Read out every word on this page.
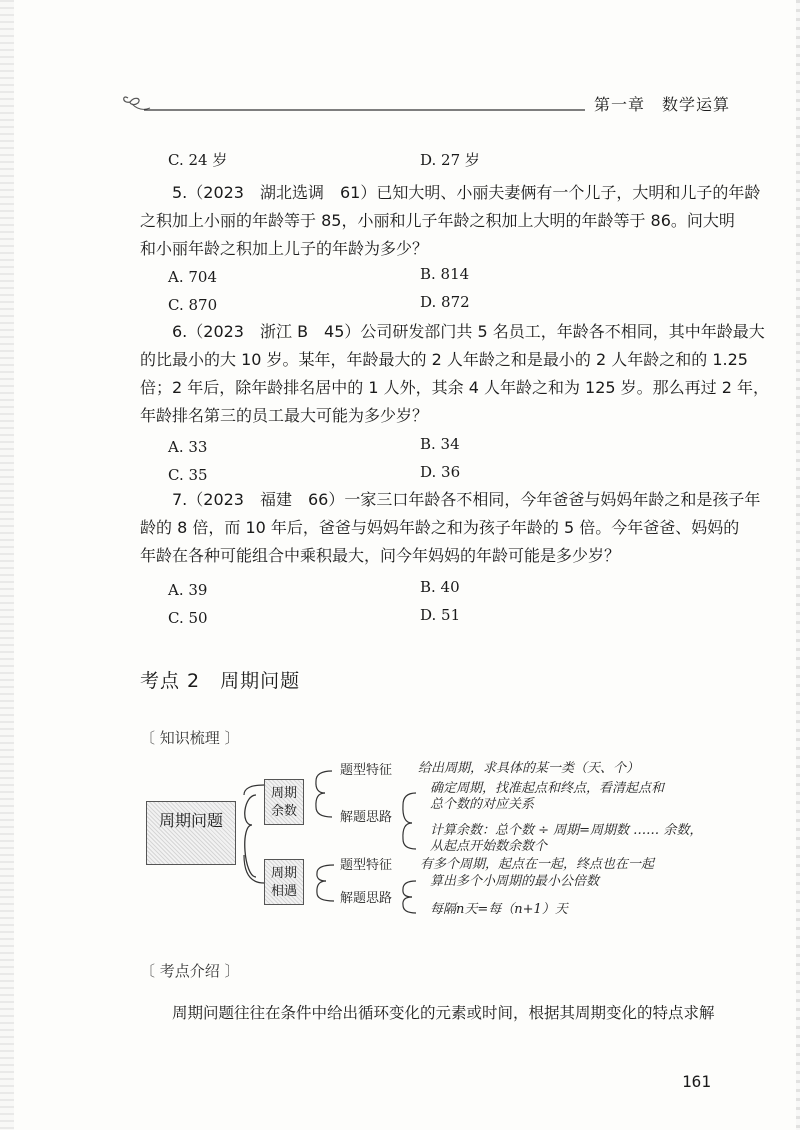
第一章　数学运算
C. 24 岁	D. 27 岁
5.（2023　湖北选调　61）已知大明、小丽夫妻俩有一个儿子，大明和儿子的年龄
之积加上小丽的年龄等于 85，小丽和儿子年龄之积加上大明的年龄等于 86。问大明
和小丽年龄之积加上儿子的年龄为多少？
A. 704	B. 814
C. 870	D. 872
6.（2023　浙江 B　45）公司研发部门共 5 名员工，年龄各不相同，其中年龄最大
的比最小的大 10 岁。某年，年龄最大的 2 人年龄之和是最小的 2 人年龄之和的 1.25
倍；2 年后，除年龄排名居中的 1 人外，其余 4 人年龄之和为 125 岁。那么再过 2 年，
年龄排名第三的员工最大可能为多少岁？
A. 33	B. 34
C. 35	D. 36
7.（2023　福建　66）一家三口年龄各不相同，今年爸爸与妈妈年龄之和是孩子年
龄的 8 倍，而 10 年后，爸爸与妈妈年龄之和为孩子年龄的 5 倍。今年爸爸、妈妈的
年龄在各种可能组合中乘积最大，问今年妈妈的年龄可能是多少岁？
A. 39	B. 40
C. 50	D. 51
考点 2　周期问题
〔 知识梳理 〕
周期问题
周期余数
周期相遇
题型特征 给出周期，求具体的某一类（天、个）
解题思路
确定周期，找准起点和终点，看清起点和
总个数的对应关系
计算余数：总个数 ÷ 周期=周期数 …… 余数，
从起点开始数余数个
题型特征 有多个周期，起点在一起，终点也在一起
解题思路
算出多个小周期的最小公倍数
每隔n天=每（n+1）天
〔 考点介绍 〕
周期问题往往在条件中给出循环变化的元素或时间，根据其周期变化的特点求解
161
